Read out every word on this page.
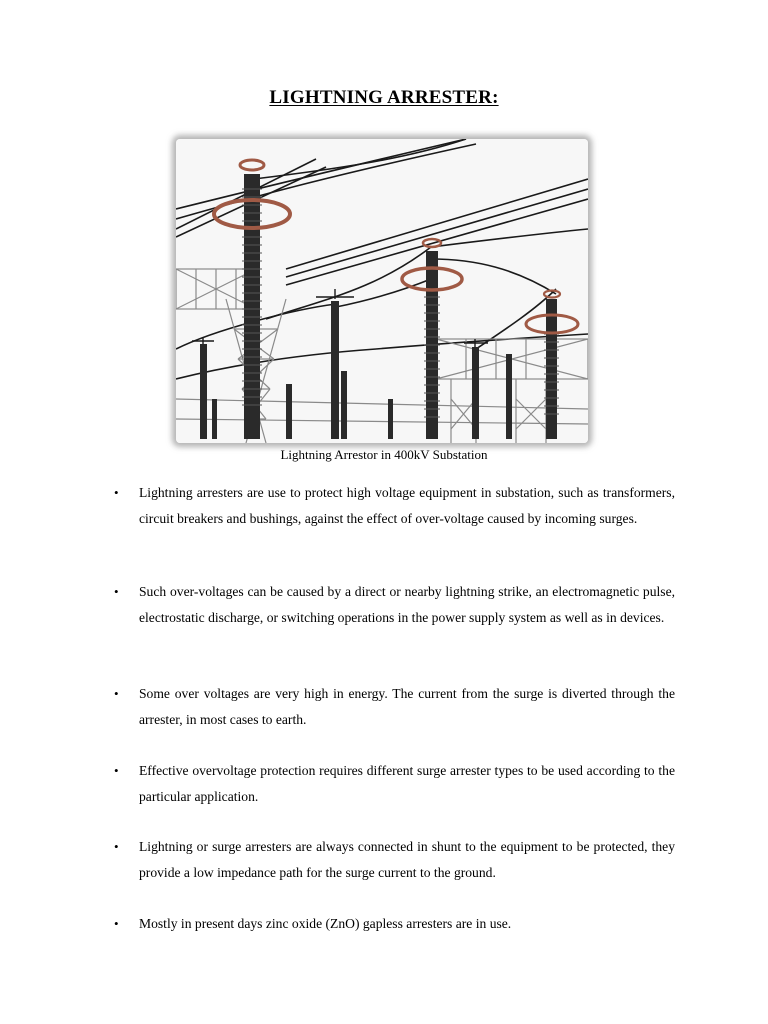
LIGHTNING ARRESTER:
Lightning Arrestor in 400kV Substation
• Lightning arresters are use to protect high voltage equipment in substation, such as transformers, circuit breakers and bushings, against the effect of over-voltage caused by incoming surges.
• Such over-voltages can be caused by a direct or nearby lightning strike, an electromagnetic pulse, electrostatic discharge, or switching operations in the power supply system as well as in devices.
• Some over voltages are very high in energy. The current from the surge is diverted through the arrester, in most cases to earth.
• Effective overvoltage protection requires different surge arrester types to be used according to the particular application.
• Lightning or surge arresters are always connected in shunt to the equipment to be protected, they provide a low impedance path for the surge current to the ground.
• Mostly in present days zinc oxide (ZnO) gapless arresters are in use.
